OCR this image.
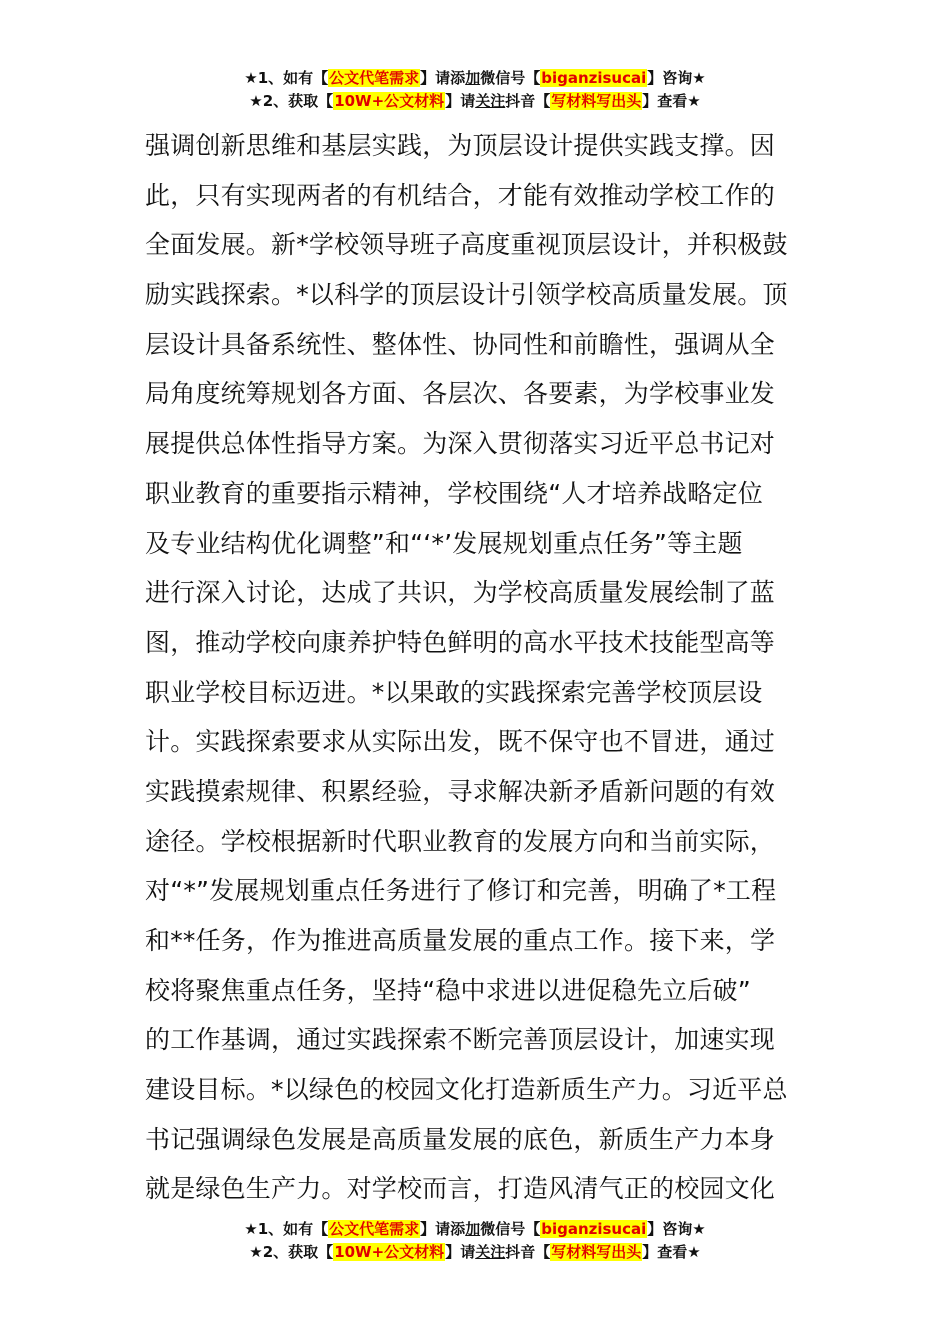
★1、如有【公文代笔需求】请添加微信号【biganzisucai】咨询★
★2、获取【10W+公文材料】请关注抖音【写材料写出头】查看★
强调创新思维和基层实践，为顶层设计提供实践支撑。因
此，只有实现两者的有机结合，才能有效推动学校工作的
全面发展。新*学校领导班子高度重视顶层设计，并积极鼓
励实践探索。*以科学的顶层设计引领学校高质量发展。顶
层设计具备系统性、整体性、协同性和前瞻性，强调从全
局角度统筹规划各方面、各层次、各要素，为学校事业发
展提供总体性指导方案。为深入贯彻落实习近平总书记对
职业教育的重要指示精神，学校围绕“人才培养战略定位
及专业结构优化调整”和“‘*’发展规划重点任务”等主题
进行深入讨论，达成了共识，为学校高质量发展绘制了蓝
图，推动学校向康养护特色鲜明的高水平技术技能型高等
职业学校目标迈进。*以果敢的实践探索完善学校顶层设
计。实践探索要求从实际出发，既不保守也不冒进，通过
实践摸索规律、积累经验，寻求解决新矛盾新问题的有效
途径。学校根据新时代职业教育的发展方向和当前实际，
对“*”发展规划重点任务进行了修订和完善，明确了*工程
和**任务，作为推进高质量发展的重点工作。接下来，学
校将聚焦重点任务，坚持“稳中求进以进促稳先立后破”
的工作基调，通过实践探索不断完善顶层设计，加速实现
建设目标。*以绿色的校园文化打造新质生产力。习近平总
书记强调绿色发展是高质量发展的底色，新质生产力本身
就是绿色生产力。对学校而言，打造风清气正的校园文化
★1、如有【公文代笔需求】请添加微信号【biganzisucai】咨询★
★2、获取【10W+公文材料】请关注抖音【写材料写出头】查看★
